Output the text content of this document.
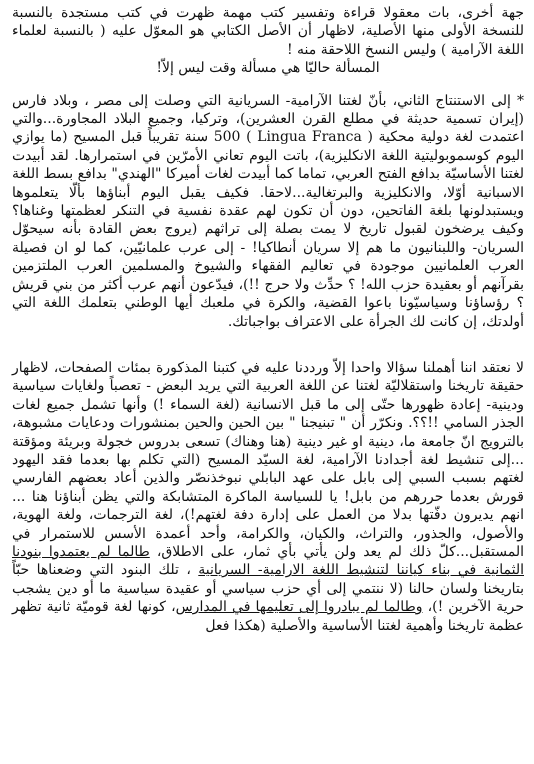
جهة أخرى، بات معقولا قراءة وتفسير كتب مهمة ظهرت في كتب مستجدة بالنسبة للنسخة الأولى منها الأصلية، لاظهار أن الأصل الكتابي هو المعوّل عليه ( بالنسبة لعلماء اللغة الآرامية ) وليس النسخ اللاحقة منه !

المسألة حاليّا هي مسألة وقت ليس إلاّ!

* إلى الاستنتاج الثاني، بأنّ لغتنا الآرامية- السريانية التي وصلت إلى مصر ، وبلاد فارس (إيران تسمية حديثة في مطلع القرن العشرين)، وتركيا، وجميع البلاد المجاورة...والتي اعتمدت لغة دولية محكية ( Lingua Franca ) 500 سنة تقريباً قبل المسيح (ما يوازي اليوم كوسموبوليتية اللغة الانكليزية)، باتت اليوم تعاني الأمرّين في استمرارها. لقد أبيدت لغتنا الأساسيّة بدافع الفتح العربي، تماما كما أبيدت لغات أميركا "الهندي" بدافع بسط اللغة الاسبانية أوّلا، والانكليزية والبرتغالية...لاحقا. فكيف يقبل اليوم أبناؤها بألّا يتعلموها ويستبدلونها بلغة الفاتحين، دون أن تكون لهم عقدة نفسية في التنكر لعظمتها وغناها؟ وكيف يرضخون لقبول تاريخ لا يمت بصلة إلى تراثهم (يروج بعض القادة بأنه سيحوّل السريان- واللبنانيون ما هم إلا سريان أنطاكيا! - إلى عرب علمانيّين، كما لو ان فصيلة العرب العلمانيين موجودة في تعاليم الفقهاء والشيوخ والمسلمين العرب الملتزمين بقرآنهم أو بعقيدة حزب الله! ؟ حدِّث ولا حرج !!)، فيدّعون أنهم عرب أكثر من بني قريش ؟ رؤساؤنا وسياسيّونا باعوا القضية، والكرة في ملعبك أيها الوطني بتعلمك اللغة التي أولدتك، إن كانت لك الجرأة على الاعتراف بواجباتك.

لا نعتقد اننا أهملنا سؤالا واحدا إلاّ ورددنا عليه في كتبنا المذكورة بمئات الصفحات، لاظهار حقيقة تاريخنا واستقلاليّة لغتنا عن اللغة العربية التي يريد البعض - تعصباً ولغايات سياسية ودينية- إعادة ظهورها حتّى إلى ما قبل الانسانية (لغة السماء !) وأنها تشمل جميع لغات الجذر السامي !!؟؟. ونكرّر أن " تبنيجنا " بين الحين والحين بمنشورات ودعايات مشبوهة، بالترويج انّ جامعة ما، دينية او غير دينية (هنا وهناك) تسعى بدروس خجولة وبريئة ومؤقتة ...إلى تنشيط لغة أجدادنا الآرامية، لغة السيّد المسيح (التي تكلم بها بعدما فقد اليهود لغتهم بسبب السبي إلى بابل على عهد البابلي نبوخذنصّر والذين أعاد بعضهم الفارسي قورش بعدما حررهم من بابل! يا للسياسة الماكرة المتشابكة والتي يظن أبناؤنا هنا ... انهم يديرون دفّتها بدلا من العمل على إدارة دفة لغتهم!)، لغة الترجمات، ولغة الهوية، والأصول، والجذور، والتراث، والكيان، والكرامة، وأحد أعمدة الأسس للاستمرار في المستقبل...كلّ ذلك لم يعد ولن يأتي بأي ثمار، على الاطلاق، طالما لم يعتمدوا بنودنا الثمانية في بناء كياننا لتنشيط اللغة الارامية- السريانية ، تلك البنود التي وضعناها حبّاً بتاريخنا ولسان حالنا (لا ننتمي إلى أي حزب سياسي أو عقيدة سياسية ما أو دين يشجب حرية الآخرين !)، وطالما لم يبادروا إلى تعليمها في المدارس، كونها لغة قوميّة ثانية تظهر عظمة تاريخنا وأهمية لغتنا الأساسية والأصلية (هكذا فعل
